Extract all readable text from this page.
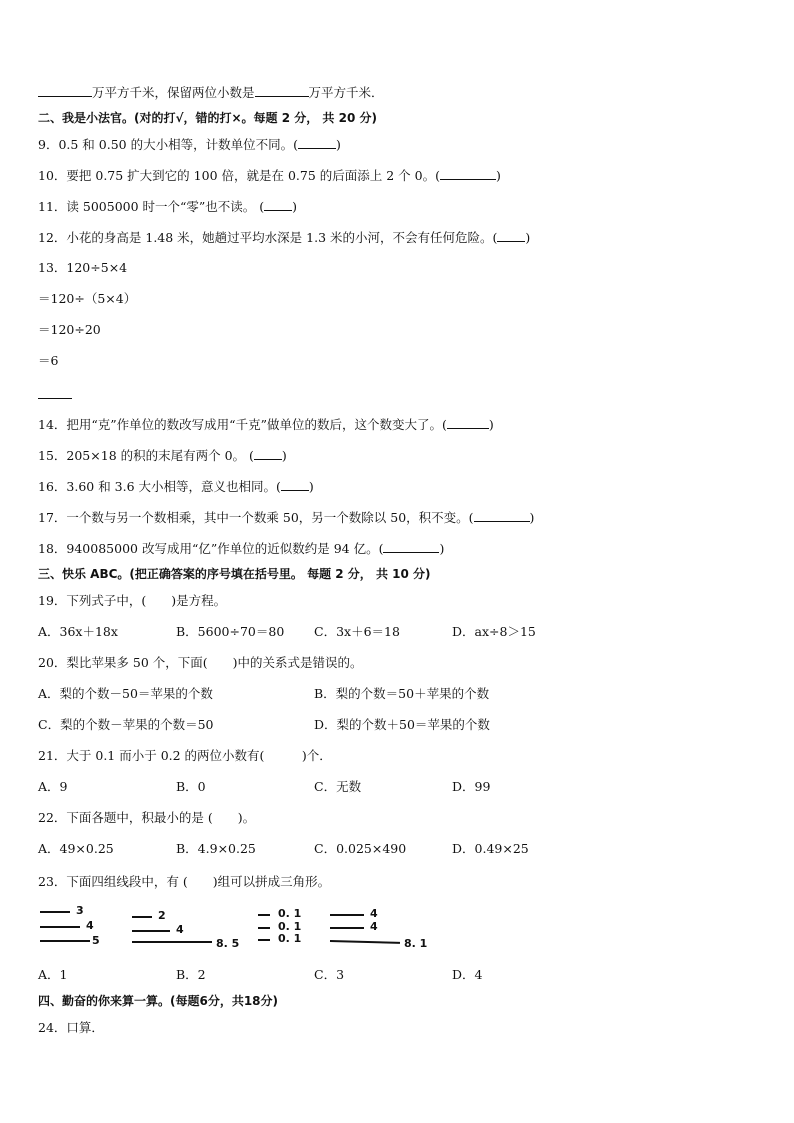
万平方千米，保留两位小数是	万平方千米．
二、我是小法官。(对的打√，错的打×。每题 2 分， 共 20 分)
9．0.5 和 0.50 的大小相等，计数单位不同。(	)
10．要把 0.75 扩大到它的 100 倍，就是在 0.75 的后面添上 2 个 0。(	)
11．读 5005000 时一个“零”也不读。 ( )
12．小花的身高是 1.48 米，她趟过平均水深是 1.3 米的小河，不会有任何危险。( )
13．120÷5×4
＝120÷（5×4）
＝120÷20
＝6
14．把用“克”作单位的数改写成用“千克”做单位的数后，这个数变大了。(	)
15．205×18 的积的末尾有两个 0。 ( )
16．3.60 和 3.6 大小相等，意义也相同。( )
17．一个数与另一个数相乘，其中一个数乘 50，另一个数除以 50，积不变。(	)
18．940085000 改写成用“亿”作单位的近似数约是 94 亿。(	)
三、快乐 ABC。(把正确答案的序号填在括号里。 每题 2 分， 共 10 分)
19．下列式子中，(　　)是方程。
A．36x＋18x	B．5600÷70＝80 C．3x＋6＝18	D．ax÷8＞15
20．梨比苹果多 50 个，下面(　　)中的关系式是错误的。
A．梨的个数－50＝苹果的个数	B．梨的个数＝50＋苹果的个数
C．梨的个数－苹果的个数＝50	D．梨的个数＋50＝苹果的个数
21．大于 0.1 而小于 0.2 的两位小数有(　　　)个．
A．9	B．0	C．无数	D．99
22．下面各题中，积最小的是 (　　)。
A．49×0.25	B．4.9×0.25	C．0.025×490	D．0.49×25
23．下面四组线段中，有 (　　)组可以拼成三角形。
3
4
5
2
4
8. 5
0. 1
0. 1
0. 1
4
4
8. 1
A．1	B．2	C．3	D．4
四、勤奋的你来算一算。(每题6分，共18分)
24．口算．
